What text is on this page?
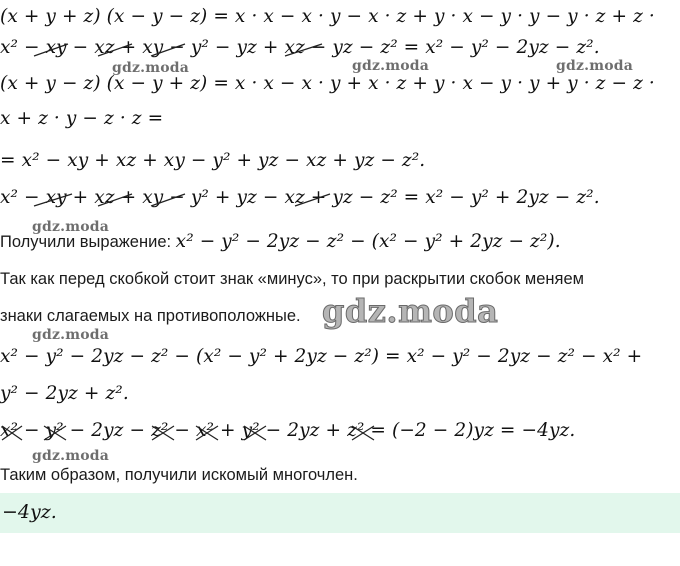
(x + y + z) (x − y − z) = x · x − x · y − x · z + y · x − y · y − y · z + z ·
x² − xy − xz + xy − y² − yz + xz − yz − z² = x² − y² − 2yz − z².
(x + y − z) (x − y + z) = x · x − x · y + x · z + y · x − y · y + y · z − z ·
x + z · y − z · z =
= x² − xy + xz + xy − y² + yz − xz + yz − z².
x² − xy + xz + xy − y² + yz − xz + yz − z² = x² − y² + 2yz − z².
Получили выражение: x² − y² − 2yz − z² − (x² − y² + 2yz − z²).
Так как перед скобкой стоит знак «минус», то при раскрытии скобок меняем
знаки слагаемых на противоположные.
x² − y² − 2yz − z² − (x² − y² + 2yz − z²) = x² − y² − 2yz − z² − x² +
y² − 2yz + z².
x² − y² − 2yz − z² − x² + y² − 2yz + z² = (−2 − 2)yz = −4yz.
Таким образом, получили искомый многочлен.
−4yz.
gdz.moda	gdz.moda	gdz.moda
gdz.moda
gdz.moda
gdz.moda
gdz.moda
